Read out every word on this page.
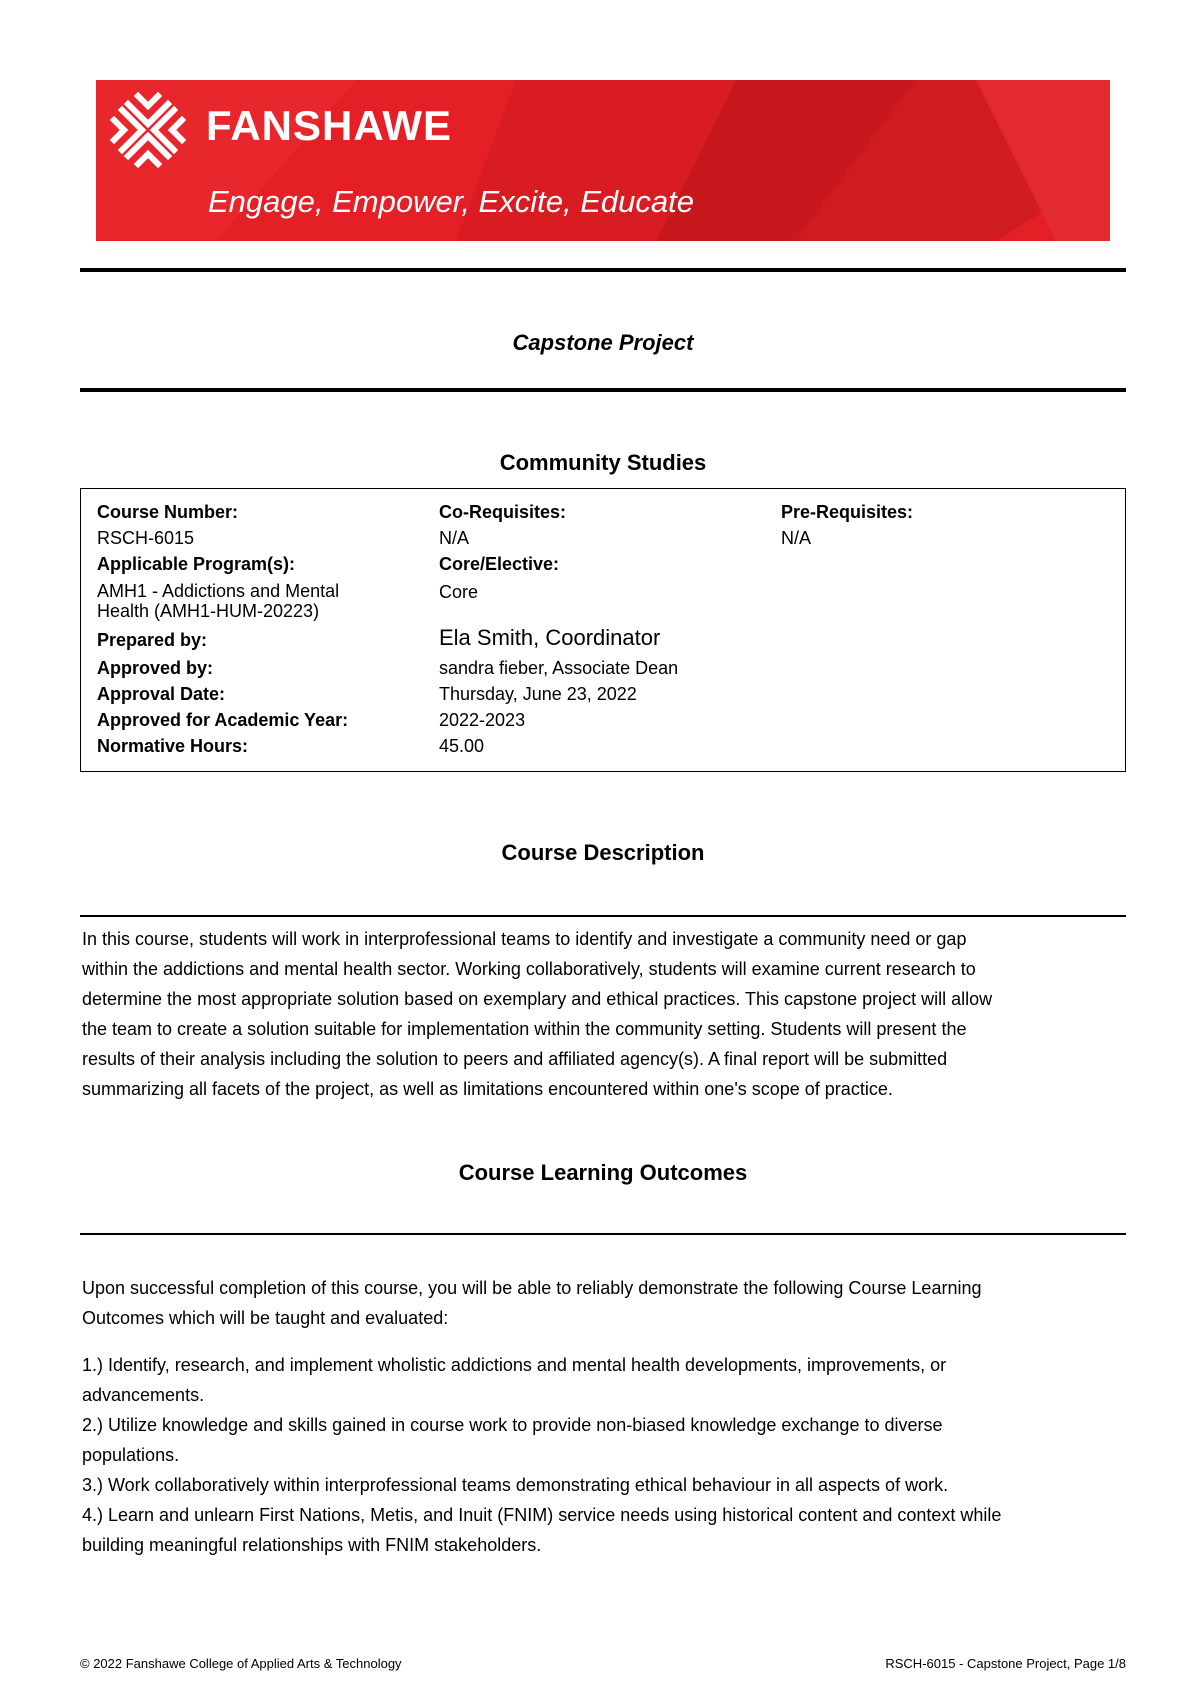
FANSHAWE
Engage, Empower, Excite, Educate
Capstone Project
Community Studies
Course Number:
RSCH-6015
Co-Requisites:
N/A
Pre-Requisites:
N/A
Applicable Program(s):
AMH1 - Addictions and Mental
Health (AMH1-HUM-20223)
Core/Elective:
Core
Prepared by:	Ela Smith, Coordinator
Approved by:	sandra fieber, Associate Dean
Approval Date:	Thursday, June 23, 2022
Approved for Academic Year:	2022-2023
Normative Hours:	45.00
Course Description
In this course, students will work in interprofessional teams to identify and investigate a community need or gap
within the addictions and mental health sector. Working collaboratively, students will examine current research to
determine the most appropriate solution based on exemplary and ethical practices. This capstone project will allow
the team to create a solution suitable for implementation within the community setting. Students will present the
results of their analysis including the solution to peers and affiliated agency(s). A final report will be submitted
summarizing all facets of the project, as well as limitations encountered within one's scope of practice.
Course Learning Outcomes
Upon successful completion of this course, you will be able to reliably demonstrate the following Course Learning
Outcomes which will be taught and evaluated:
1.) Identify, research, and implement wholistic addictions and mental health developments, improvements, or
advancements.
2.) Utilize knowledge and skills gained in course work to provide non-biased knowledge exchange to diverse
populations.
3.) Work collaboratively within interprofessional teams demonstrating ethical behaviour in all aspects of work.
4.) Learn and unlearn First Nations, Metis, and Inuit (FNIM) service needs using historical content and context while
building meaningful relationships with FNIM stakeholders.
© 2022 Fanshawe College of Applied Arts & Technology	RSCH-6015 - Capstone Project, Page 1/8
